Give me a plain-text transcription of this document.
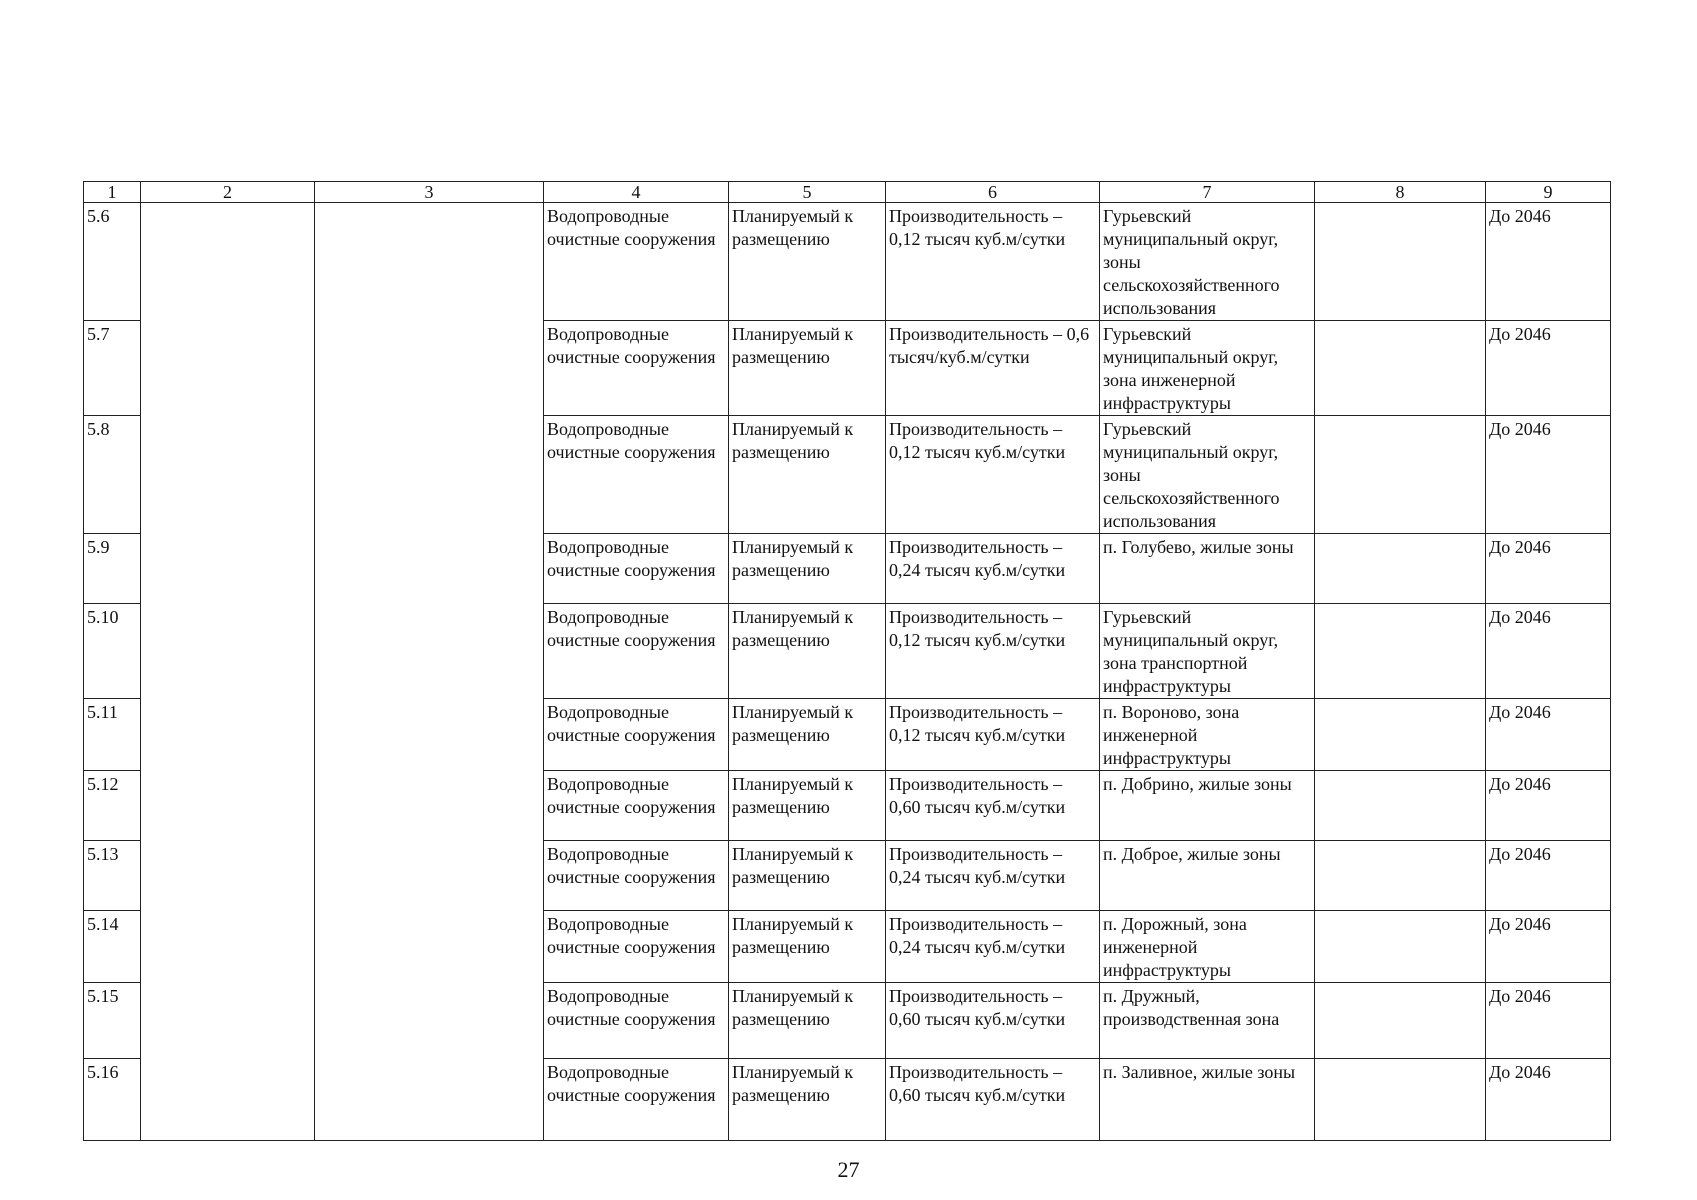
1	2	3	4	5	6	7	8	9
5.6			Водопроводные очистные сооружения	Планируемый к размещению	Производительность – 0,12 тысяч куб.м/сутки	Гурьевский муниципальный округ, зоны сельскохозяйственного использования		До 2046
5.7			Водопроводные очистные сооружения	Планируемый к размещению	Производительность – 0,6 тысяч/куб.м/сутки	Гурьевский муниципальный округ, зона инженерной инфраструктуры		До 2046
5.8			Водопроводные очистные сооружения	Планируемый к размещению	Производительность – 0,12 тысяч куб.м/сутки	Гурьевский муниципальный округ, зоны сельскохозяйственного использования		До 2046
5.9			Водопроводные очистные сооружения	Планируемый к размещению	Производительность – 0,24 тысяч куб.м/сутки	п. Голубево, жилые зоны		До 2046
5.10			Водопроводные очистные сооружения	Планируемый к размещению	Производительность – 0,12 тысяч куб.м/сутки	Гурьевский муниципальный округ, зона транспортной инфраструктуры		До 2046
5.11			Водопроводные очистные сооружения	Планируемый к размещению	Производительность – 0,12 тысяч куб.м/сутки	п. Вороново, зона инженерной инфраструктуры		До 2046
5.12			Водопроводные очистные сооружения	Планируемый к размещению	Производительность – 0,60 тысяч куб.м/сутки	п. Добрино, жилые зоны		До 2046
5.13			Водопроводные очистные сооружения	Планируемый к размещению	Производительность – 0,24 тысяч куб.м/сутки	п. Доброе, жилые зоны		До 2046
5.14			Водопроводные очистные сооружения	Планируемый к размещению	Производительность – 0,24 тысяч куб.м/сутки	п. Дорожный, зона инженерной инфраструктуры		До 2046
5.15			Водопроводные очистные сооружения	Планируемый к размещению	Производительность – 0,60 тысяч куб.м/сутки	п. Дружный, производственная зона		До 2046
5.16			Водопроводные очистные сооружения	Планируемый к размещению	Производительность – 0,60 тысяч куб.м/сутки	п. Заливное, жилые зоны		До 2046
27
